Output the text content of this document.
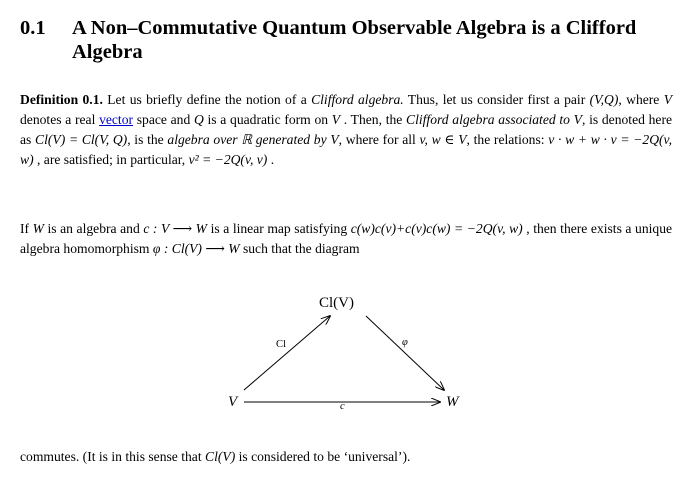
0.1	A Non–Commutative Quantum Observable Algebra is a Clifford Algebra
Definition 0.1. Let us briefly define the notion of a Clifford algebra. Thus, let us consider first a pair (V,Q), where V denotes a real vector space and Q is a quadratic form on V . Then, the Clifford algebra associated to V, is denoted here as Cl(V) = Cl(V, Q), is the algebra over ℝ generated by V, where for all v, w ∈ V, the relations: v · w + w · v = −2Q(v, w) , are satisfied; in particular, v² = −2Q(v, v) .
If W is an algebra and c : V ⟶ W is a linear map satisfying c(w)c(v)+c(v)c(w) = −2Q(v, w) , then there exists a unique algebra homomorphism φ : Cl(V) ⟶ W such that the diagram
Cl(V)
V	W
Cl	φ
c
commutes. (It is in this sense that Cl(V) is considered to be ‘universal’).
